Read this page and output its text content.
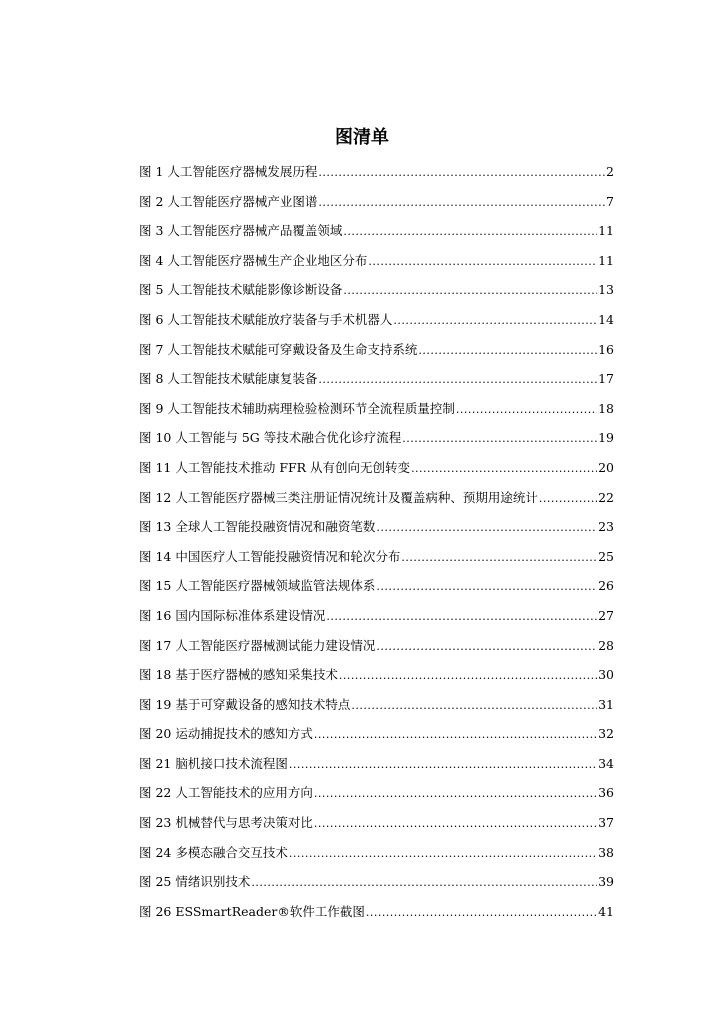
图清单
图 1 人工智能医疗器械发展历程 .....	2
图 2 人工智能医疗器械产业图谱 .....	7
图 3 人工智能医疗器械产品覆盖领域 .....	11
图 4 人工智能医疗器械生产企业地区分布 .....	11
图 5 人工智能技术赋能影像诊断设备 .....	13
图 6 人工智能技术赋能放疗装备与手术机器人 .....	14
图 7 人工智能技术赋能可穿戴设备及生命支持系统 .....	16
图 8 人工智能技术赋能康复装备 .....	17
图 9 人工智能技术辅助病理检验检测环节全流程质量控制 .....	18
图 10 人工智能与 5G 等技术融合优化诊疗流程 .....	19
图 11 人工智能技术推动 FFR 从有创向无创转变 .....	20
图 12 人工智能医疗器械三类注册证情况统计及覆盖病种、预期用途统计 .....	22
图 13 全球人工智能投融资情况和融资笔数 .....	23
图 14 中国医疗人工智能投融资情况和轮次分布 .....	25
图 15 人工智能医疗器械领域监管法规体系 .....	26
图 16 国内国际标准体系建设情况 .....	27
图 17 人工智能医疗器械测试能力建设情况 .....	28
图 18 基于医疗器械的感知采集技术 .....	30
图 19 基于可穿戴设备的感知技术特点 .....	31
图 20 运动捕捉技术的感知方式 .....	32
图 21 脑机接口技术流程图 .....	34
图 22 人工智能技术的应用方向 .....	36
图 23 机械替代与思考决策对比 .....	37
图 24 多模态融合交互技术 .....	38
图 25 情绪识别技术 .....	39
图 26 ESSmartReader®软件工作截图 .....	41
